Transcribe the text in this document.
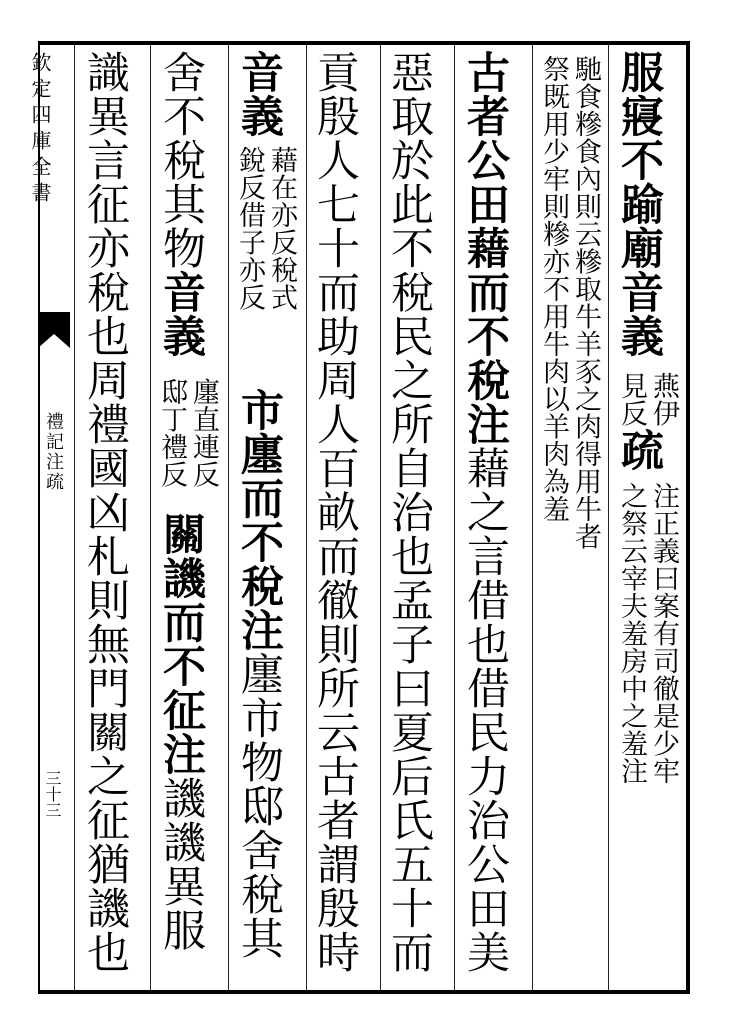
欽定四庫全書
禮記注疏
三十三
服寢不踰廟音義
燕伊
見反
疏
注正義曰案有司徹是少牢
之祭云宰夫羞房中之羞注
馳食糝食內則云糝取牛羊豕之肉得用牛者
祭既用少牢則糝亦不用牛肉以羊肉為羞
古者公田藉而不稅注藉之言借也借民力治公田美
惡取於此不稅民之所自治也孟子曰夏后氏五十而
貢殷人七十而助周人百畝而徹則所云古者謂殷時
音義
藉在亦反稅式
銳反借子亦反
市廛而不稅注廛市物邸舍稅其
舍不稅其物音義
廛直連反
邸丁禮反
關譏而不征注譏譏異服
識異言征亦稅也周禮國凶札則無門關之征猶譏也
